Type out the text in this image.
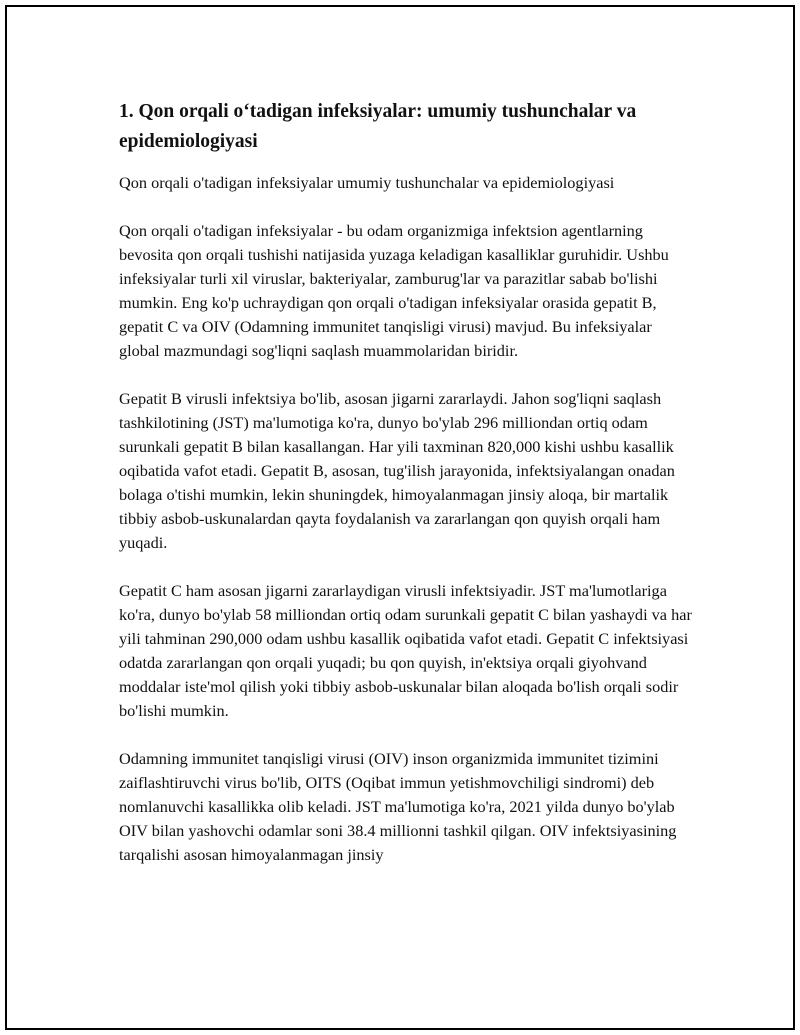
1. Qon orqali o‘tadigan infeksiyalar: umumiy tushunchalar va epidemiologiyasi

Qon orqali o'tadigan infeksiyalar umumiy tushunchalar va epidemiologiyasi

Qon orqali o'tadigan infeksiyalar - bu odam organizmiga infektsion agentlarning bevosita qon orqali tushishi natijasida yuzaga keladigan kasalliklar guruhidir. Ushbu infeksiyalar turli xil viruslar, bakteriyalar, zamburug'lar va parazitlar sabab bo'lishi mumkin. Eng ko'p uchraydigan qon orqali o'tadigan infeksiyalar orasida gepatit B, gepatit C va OIV (Odamning immunitet tanqisligi virusi) mavjud. Bu infeksiyalar global mazmundagi sog'liqni saqlash muammolaridan biridir.

Gepatit B virusli infektsiya bo'lib, asosan jigarni zararlaydi. Jahon sog'liqni saqlash tashkilotining (JST) ma'lumotiga ko'ra, dunyo bo'ylab 296 milliondan ortiq odam surunkali gepatit B bilan kasallangan. Har yili taxminan 820,000 kishi ushbu kasallik oqibatida vafot etadi. Gepatit B, asosan, tug'ilish jarayonida, infektsiyalangan onadan bolaga o'tishi mumkin, lekin shuningdek, himoyalanmagan jinsiy aloqa, bir martalik tibbiy asbob-uskunalardan qayta foydalanish va zararlangan qon quyish orqali ham yuqadi.

Gepatit C ham asosan jigarni zararlaydigan virusli infektsiyadir. JST ma'lumotlariga ko'ra, dunyo bo'ylab 58 milliondan ortiq odam surunkali gepatit C bilan yashaydi va har yili tahminan 290,000 odam ushbu kasallik oqibatida vafot etadi. Gepatit C infektsiyasi odatda zararlangan qon orqali yuqadi; bu qon quyish, in'ektsiya orqali giyohvand moddalar iste'mol qilish yoki tibbiy asbob-uskunalar bilan aloqada bo'lish orqali sodir bo'lishi mumkin.

Odamning immunitet tanqisligi virusi (OIV) inson organizmida immunitet tizimini zaiflashtiruvchi virus bo'lib, OITS (Oqibat immun yetishmovchiligi sindromi) deb nomlanuvchi kasallikka olib keladi. JST ma'lumotiga ko'ra, 2021 yilda dunyo bo'ylab OIV bilan yashovchi odamlar soni 38.4 millionni tashkil qilgan. OIV infektsiyasining tarqalishi asosan himoyalanmagan jinsiy
